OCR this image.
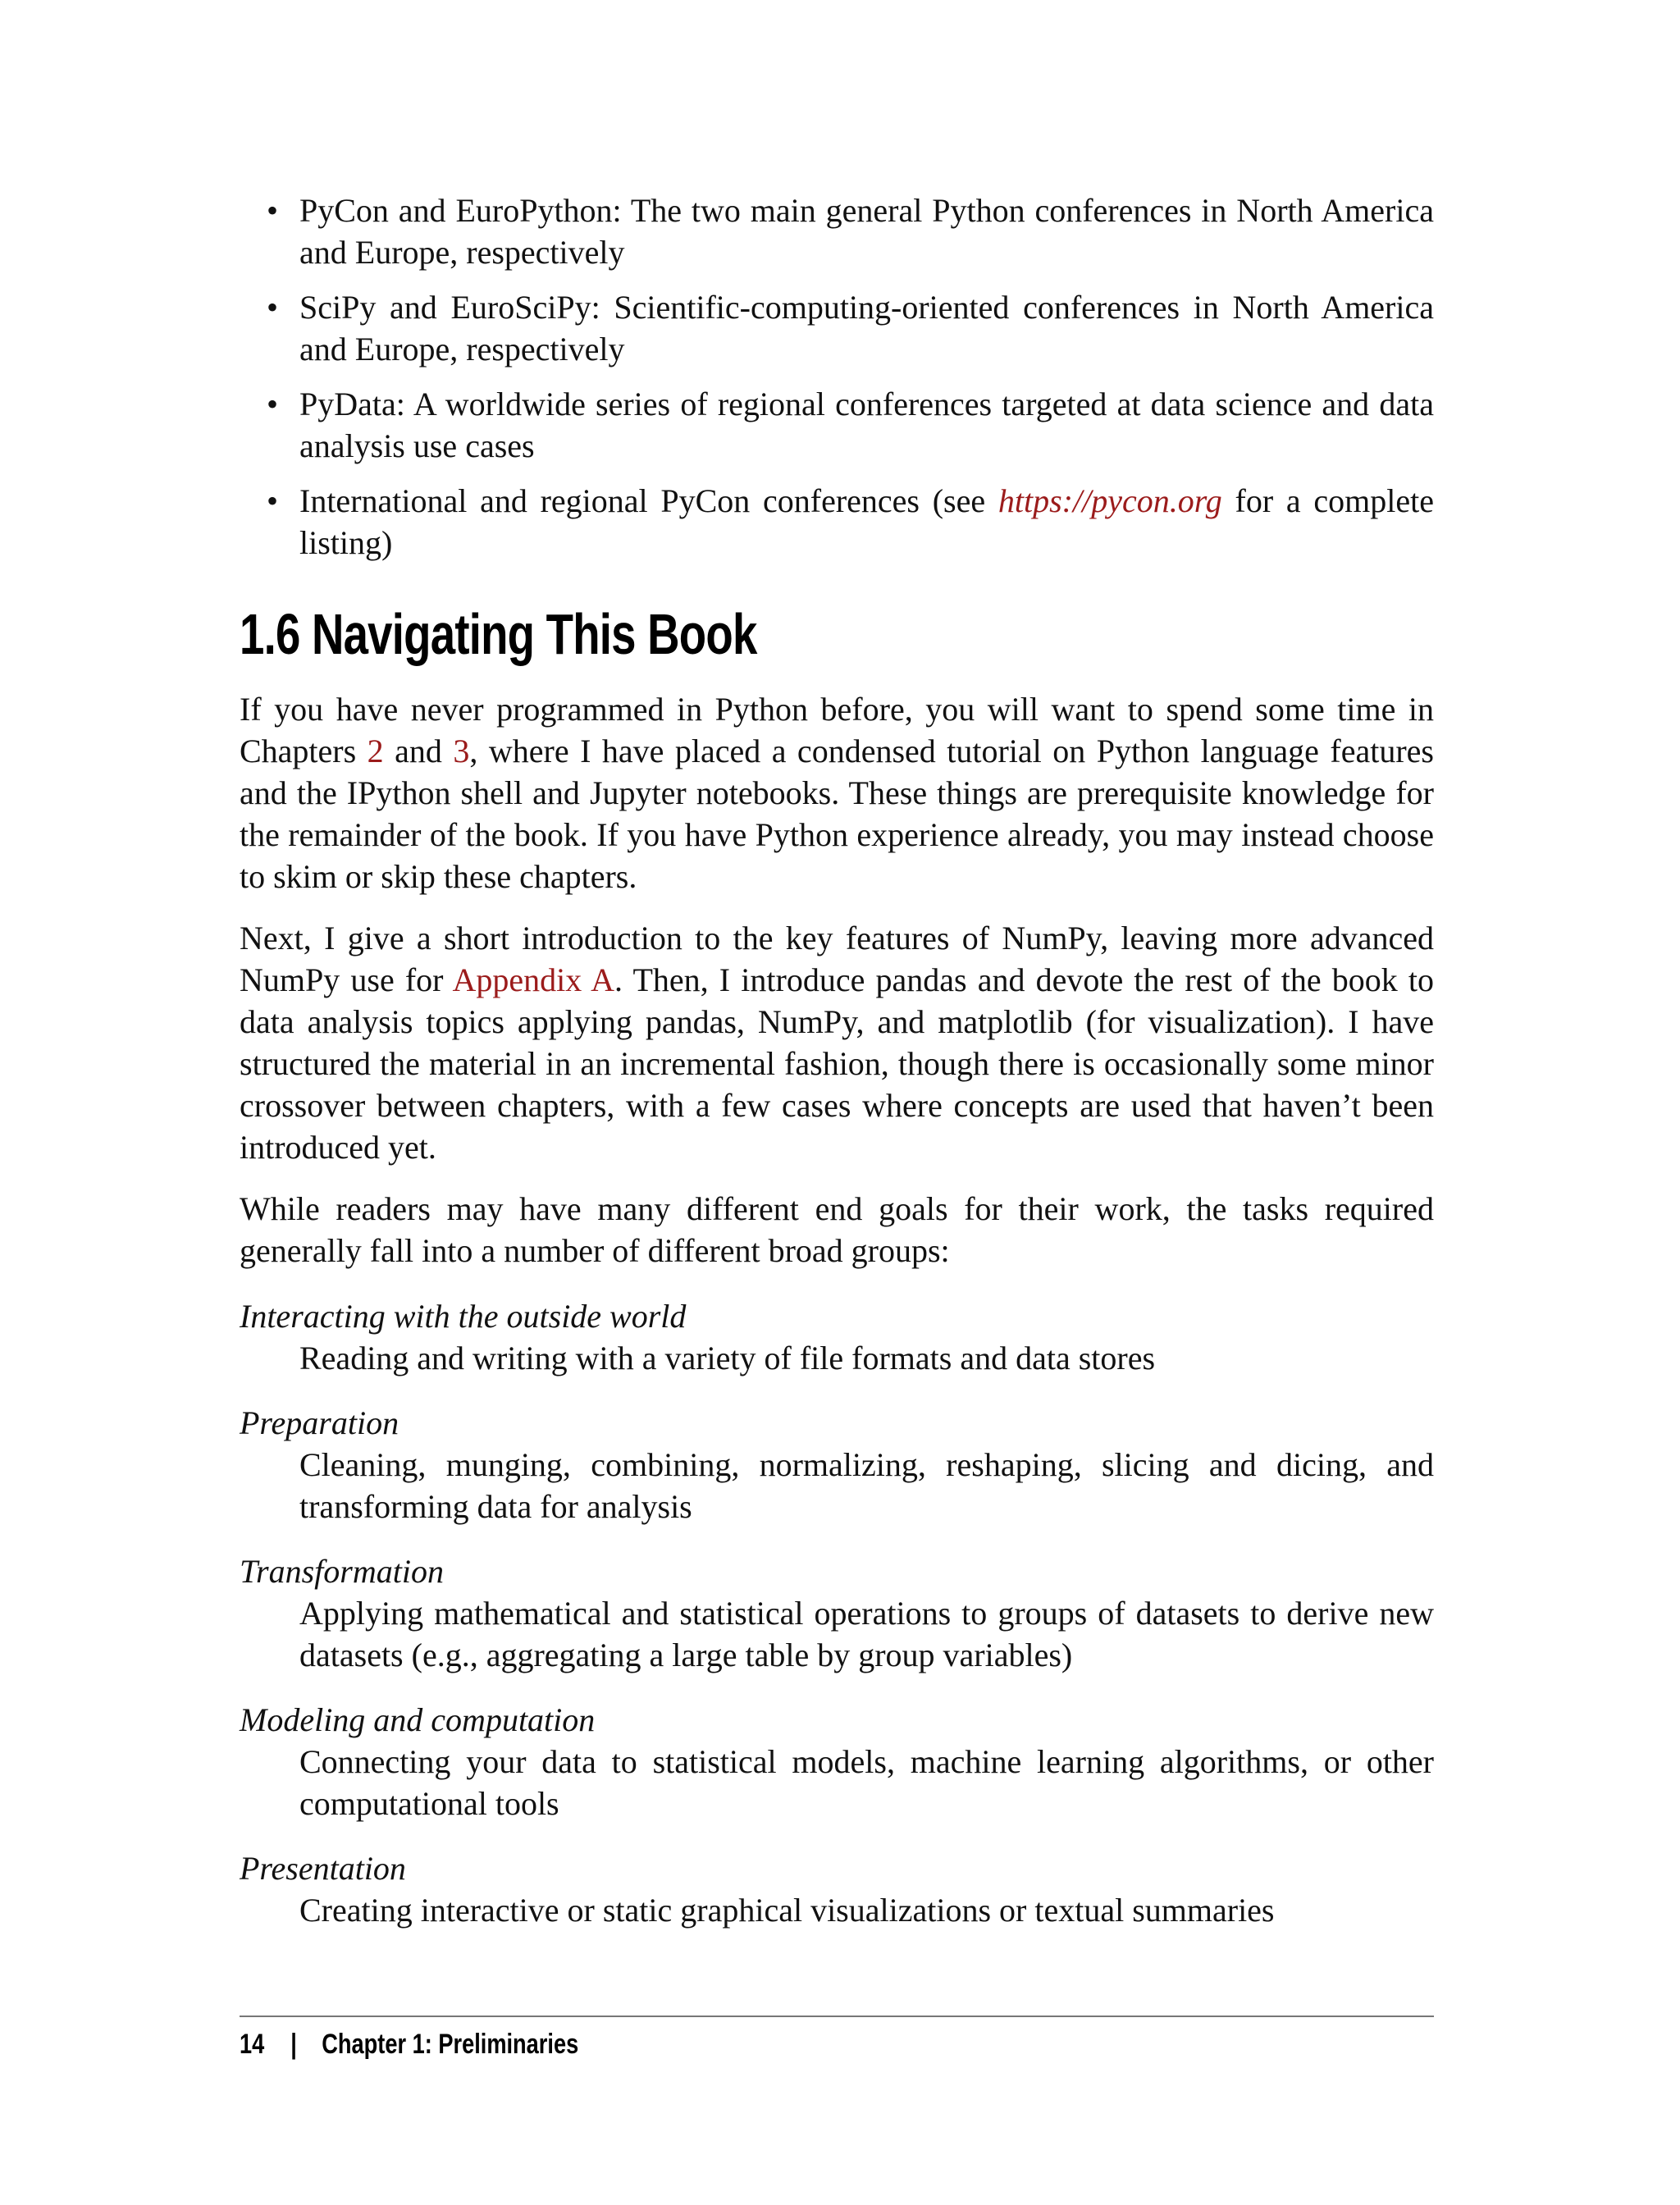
• PyCon and EuroPython: The two main general Python conferences in North America and Europe, respectively
• SciPy and EuroSciPy: Scientific-computing-oriented conferences in North America and Europe, respectively
• PyData: A worldwide series of regional conferences targeted at data science and data analysis use cases
• International and regional PyCon conferences (see https://pycon.org for a complete listing)
1.6 Navigating This Book

If you have never programmed in Python before, you will want to spend some time in Chapters 2 and 3, where I have placed a condensed tutorial on Python language features and the IPython shell and Jupyter notebooks. These things are prerequisite knowledge for the remainder of the book. If you have Python experience already, you may instead choose to skim or skip these chapters.

Next, I give a short introduction to the key features of NumPy, leaving more advanced NumPy use for Appendix A. Then, I introduce pandas and devote the rest of the book to data analysis topics applying pandas, NumPy, and matplotlib (for visualization). I have structured the material in an incremental fashion, though there is occasionally some minor crossover between chapters, with a few cases where concepts are used that haven’t been introduced yet.

While readers may have many different end goals for their work, the tasks required generally fall into a number of different broad groups:

Interacting with the outside world
Reading and writing with a variety of file formats and data stores
Preparation
Cleaning, munging, combining, normalizing, reshaping, slicing and dicing, and transforming data for analysis
Transformation
Applying mathematical and statistical operations to groups of datasets to derive new datasets (e.g., aggregating a large table by group variables)
Modeling and computation
Connecting your data to statistical models, machine learning algorithms, or other computational tools
Presentation
Creating interactive or static graphical visualizations or textual summaries
14 | Chapter 1: Preliminaries
